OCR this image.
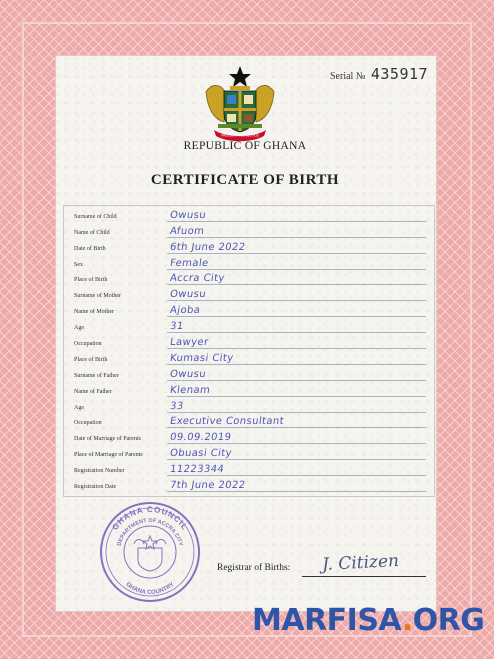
Serial № 435917
FREEDOM AND JUSTICE
REPUBLIC OF GHANA
CERTIFICATE OF BIRTH
Surname of Child	Owusu
Name of Child	Afuom
Date of Birth	6th June 2022
Sex	Female
Place of Birth	Accra City
Surname of Mother	Owusu
Name of Mother	Ajoba
Age	31
Occupation	Lawyer
Place of Birth	Kumasi City
Surname of Father	Owusu
Name of Father	Klenam
Age	33
Occupation	Executive Consultant
Date of Marriage of Parents	09.09.2019
Place of Marriage of Parents	Obuasi City
Registration Number	11223344
Registration Date	7th June 2022
GHANA COUNCIL
DEPARTMENT OF ACCRA CITY
GHANA COUNTRY
Registrar of Births: J. Citizen
MARFISA.ORG
